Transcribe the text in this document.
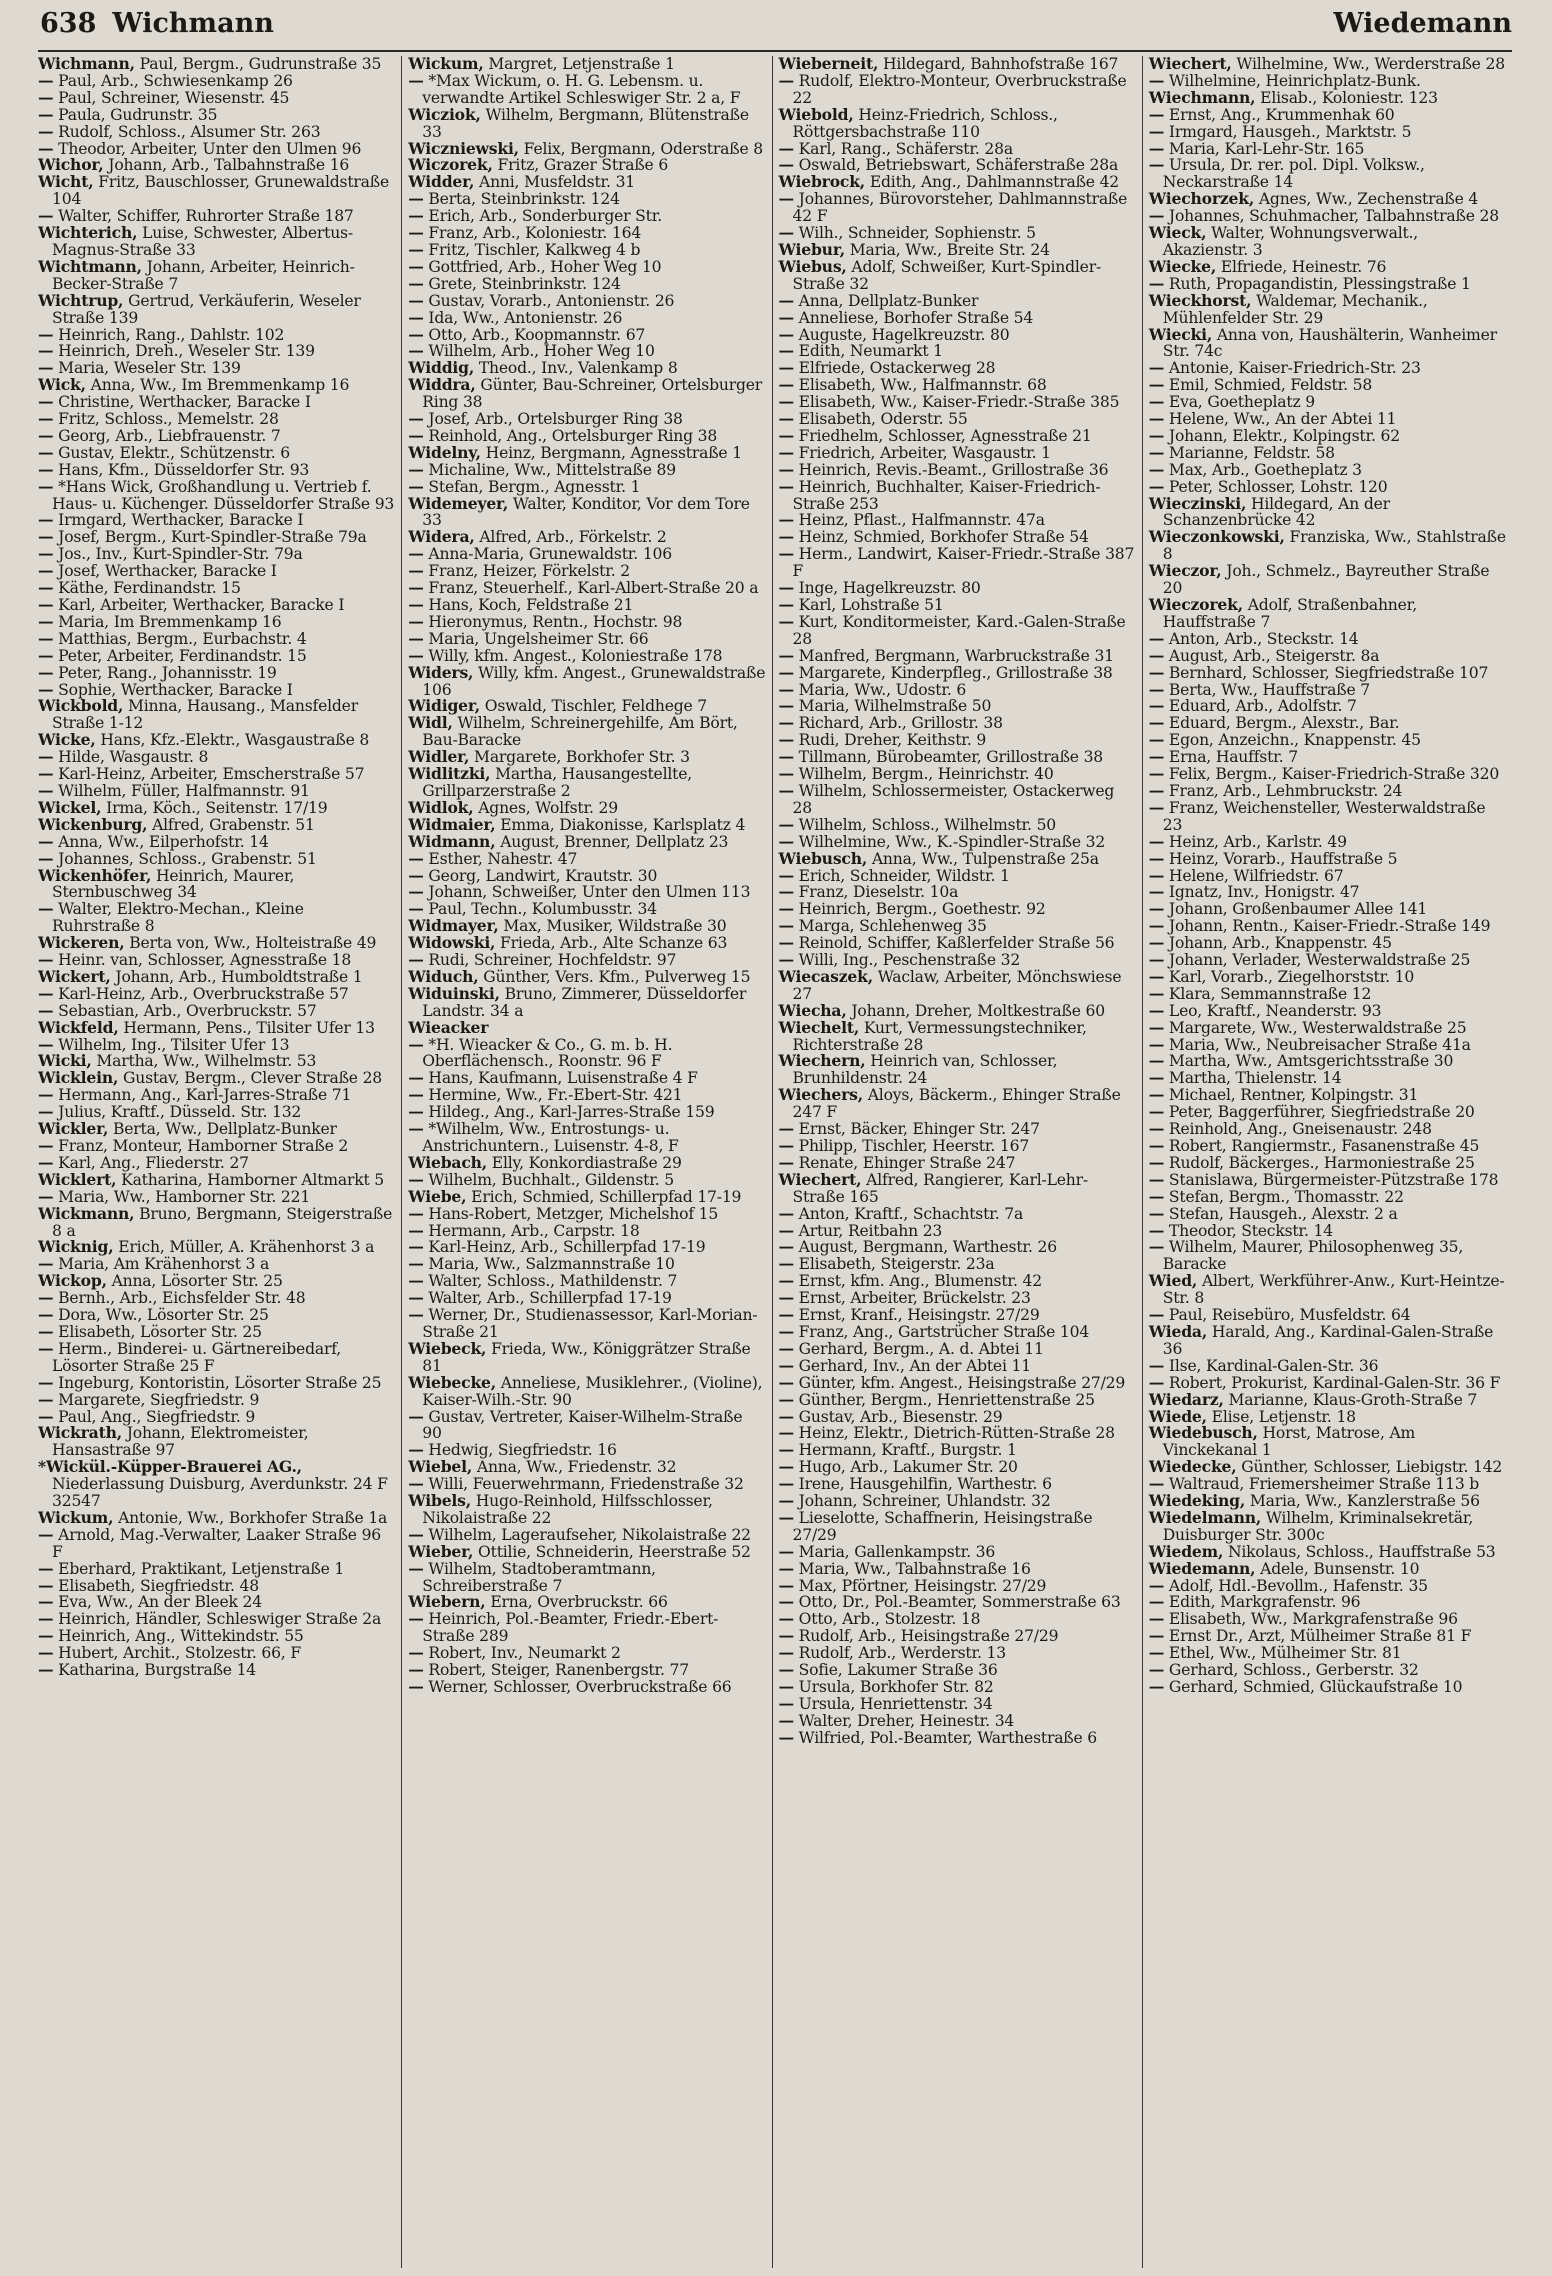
638 Wichmann	Wiedemann
Wichmann, Paul, Bergm., Gudrunstraße 35
— Paul, Arb., Schwiesenkamp 26
— Paul, Schreiner, Wiesenstr. 45
— Paula, Gudrunstr. 35
— Rudolf, Schloss., Alsumer Str. 263
— Theodor, Arbeiter, Unter den Ulmen 96
Wichor, Johann, Arb., Talbahnstraße 16
Wicht, Fritz, Bauschlosser, Grunewaldstraße 104
— Walter, Schiffer, Ruhrorter Straße 187
Wichterich, Luise, Schwester, Albertus-Magnus-Straße 33
Wichtmann, Johann, Arbeiter, Heinrich-Becker-Straße 7
Wichtrup, Gertrud, Verkäuferin, Weseler Straße 139
— Heinrich, Rang., Dahlstr. 102
— Heinrich, Dreh., Weseler Str. 139
— Maria, Weseler Str. 139
Wick, Anna, Ww., Im Bremmenkamp 16
— Christine, Werthacker, Baracke I
— Fritz, Schloss., Memelstr. 28
— Georg, Arb., Liebfrauenstr. 7
— Gustav, Elektr., Schützenstr. 6
— Hans, Kfm., Düsseldorfer Str. 93
— *Hans Wick, Großhandlung u. Vertrieb f. Haus- u. Küchenger. Düsseldorfer Straße 93
— Irmgard, Werthacker, Baracke I
— Josef, Bergm., Kurt-Spindler-Straße 79a
— Jos., Inv., Kurt-Spindler-Str. 79a
— Josef, Werthacker, Baracke I
— Käthe, Ferdinandstr. 15
— Karl, Arbeiter, Werthacker, Baracke I
— Maria, Im Bremmenkamp 16
— Matthias, Bergm., Eurbachstr. 4
— Peter, Arbeiter, Ferdinandstr. 15
— Peter, Rang., Johannisstr. 19
— Sophie, Werthacker, Baracke I
Wickbold, Minna, Hausang., Mansfelder Straße 1-12
Wicke, Hans, Kfz.-Elektr., Wasgaustraße 8
— Hilde, Wasgaustr. 8
— Karl-Heinz, Arbeiter, Emscherstraße 57
— Wilhelm, Füller, Halfmannstr. 91
Wickel, Irma, Köch., Seitenstr. 17/19
Wickenburg, Alfred, Grabenstr. 51
— Anna, Ww., Eilperhofstr. 14
— Johannes, Schloss., Grabenstr. 51
Wickenhöfer, Heinrich, Maurer, Sternbuschweg 34
— Walter, Elektro-Mechan., Kleine Ruhrstraße 8
Wickeren, Berta von, Ww., Holteistraße 49
— Heinr. van, Schlosser, Agnesstraße 18
Wickert, Johann, Arb., Humboldtstraße 1
— Karl-Heinz, Arb., Overbruckstraße 57
— Sebastian, Arb., Overbruckstr. 57
Wickfeld, Hermann, Pens., Tilsiter Ufer 13
— Wilhelm, Ing., Tilsiter Ufer 13
Wicki, Martha, Ww., Wilhelmstr. 53
Wicklein, Gustav, Bergm., Clever Straße 28
— Hermann, Ang., Karl-Jarres-Straße 71
— Julius, Kraftf., Düsseld. Str. 132
Wickler, Berta, Ww., Dellplatz-Bunker
— Franz, Monteur, Hamborner Straße 2
— Karl, Ang., Fliederstr. 27
Wicklert, Katharina, Hamborner Altmarkt 5
— Maria, Ww., Hamborner Str. 221
Wickmann, Bruno, Bergmann, Steigerstraße 8 a
Wicknig, Erich, Müller, A. Krähenhorst 3 a
— Maria, Am Krähenhorst 3 a
Wickop, Anna, Lösorter Str. 25
— Bernh., Arb., Eichsfelder Str. 48
— Dora, Ww., Lösorter Str. 25
— Elisabeth, Lösorter Str. 25
— Herm., Binderei- u. Gärtnereibedarf, Lösorter Straße 25 F
— Ingeburg, Kontoristin, Lösorter Straße 25
— Margarete, Siegfriedstr. 9
— Paul, Ang., Siegfriedstr. 9
Wickrath, Johann, Elektromeister, Hansastraße 97
*Wickül.-Küpper-Brauerei AG., Niederlassung Duisburg, Averdunkstr. 24 F 32547
Wickum, Antonie, Ww., Borkhofer Straße 1a
— Arnold, Mag.-Verwalter, Laaker Straße 96 F
— Eberhard, Praktikant, Letjenstraße 1
— Elisabeth, Siegfriedstr. 48
— Eva, Ww., An der Bleek 24
— Heinrich, Händler, Schleswiger Straße 2a
— Heinrich, Ang., Wittekindstr. 55
— Hubert, Archit., Stolzestr. 66, F
— Katharina, Burgstraße 14
Wickum, Margret, Letjenstraße 1
— *Max Wickum, o. H. G. Lebensm. u. verwandte Artikel Schleswiger Str. 2 a, F
Wicziok, Wilhelm, Bergmann, Blütenstraße 33
Wiczniewski, Felix, Bergmann, Oderstraße 8
Wiczorek, Fritz, Grazer Straße 6
Widder, Anni, Musfeldstr. 31
— Berta, Steinbrinkstr. 124
— Erich, Arb., Sonderburger Str.
— Franz, Arb., Koloniestr. 164
— Fritz, Tischler, Kalkweg 4 b
— Gottfried, Arb., Hoher Weg 10
— Grete, Steinbrinkstr. 124
— Gustav, Vorarb., Antonienstr. 26
— Ida, Ww., Antonienstr. 26
— Otto, Arb., Koopmannstr. 67
— Wilhelm, Arb., Hoher Weg 10
Widdig, Theod., Inv., Valenkamp 8
Widdra, Günter, Bau-Schreiner, Ortelsburger Ring 38
— Josef, Arb., Ortelsburger Ring 38
— Reinhold, Ang., Ortelsburger Ring 38
Widelny, Heinz, Bergmann, Agnesstraße 1
— Michaline, Ww., Mittelstraße 89
— Stefan, Bergm., Agnesstr. 1
Widemeyer, Walter, Konditor, Vor dem Tore 33
Widera, Alfred, Arb., Förkelstr. 2
— Anna-Maria, Grunewaldstr. 106
— Franz, Heizer, Förkelstr. 2
— Franz, Steuerhelf., Karl-Albert-Straße 20 a
— Hans, Koch, Feldstraße 21
— Hieronymus, Rentn., Hochstr. 98
— Maria, Ungelsheimer Str. 66
— Willy, kfm. Angest., Koloniestraße 178
Widers, Willy, kfm. Angest., Grunewaldstraße 106
Widiger, Oswald, Tischler, Feldhege 7
Widl, Wilhelm, Schreinergehilfe, Am Bört, Bau-Baracke
Widler, Margarete, Borkhofer Str. 3
Widlitzki, Martha, Hausangestellte, Grillparzerstraße 2
Widlok, Agnes, Wolfstr. 29
Widmaier, Emma, Diakonisse, Karlsplatz 4
Widmann, August, Brenner, Dellplatz 23
— Esther, Nahestr. 47
— Georg, Landwirt, Krautstr. 30
— Johann, Schweißer, Unter den Ulmen 113
— Paul, Techn., Kolumbusstr. 34
Widmayer, Max, Musiker, Wildstraße 30
Widowski, Frieda, Arb., Alte Schanze 63
— Rudi, Schreiner, Hochfeldstr. 97
Widuch, Günther, Vers. Kfm., Pulverweg 15
Widuinski, Bruno, Zimmerer, Düsseldorfer Landstr. 34 a
Wieacker
— *H. Wieacker & Co., G. m. b. H. Oberflächensch., Roonstr. 96 F
— Hans, Kaufmann, Luisenstraße 4 F
— Hermine, Ww., Fr.-Ebert-Str. 421
— Hildeg., Ang., Karl-Jarres-Straße 159
— *Wilhelm, Ww., Entrostungs- u. Anstrichuntern., Luisenstr. 4-8, F
Wiebach, Elly, Konkordiastraße 29
— Wilhelm, Buchhalt., Gildenstr. 5
Wiebe, Erich, Schmied, Schillerpfad 17-19
— Hans-Robert, Metzger, Michelshof 15
— Hermann, Arb., Carpstr. 18
— Karl-Heinz, Arb., Schillerpfad 17-19
— Maria, Ww., Salzmannstraße 10
— Walter, Schloss., Mathildenstr. 7
— Walter, Arb., Schillerpfad 17-19
— Werner, Dr., Studienassessor, Karl-Morian-Straße 21
Wiebeck, Frieda, Ww., Königgrätzer Straße 81
Wiebecke, Anneliese, Musiklehrer., (Violine), Kaiser-Wilh.-Str. 90
— Gustav, Vertreter, Kaiser-Wilhelm-Straße 90
— Hedwig, Siegfriedstr. 16
Wiebel, Anna, Ww., Friedenstr. 32
— Willi, Feuerwehrmann, Friedenstraße 32
Wibels, Hugo-Reinhold, Hilfsschlosser, Nikolaistraße 22
— Wilhelm, Lageraufseher, Nikolaistraße 22
Wieber, Ottilie, Schneiderin, Heerstraße 52
— Wilhelm, Stadtoberamtmann, Schreiberstraße 7
Wiebern, Erna, Overbruckstr. 66
— Heinrich, Pol.-Beamter, Friedr.-Ebert-Straße 289
— Robert, Inv., Neumarkt 2
— Robert, Steiger, Ranenbergstr. 77
— Werner, Schlosser, Overbruckstraße 66
Wieberneit, Hildegard, Bahnhofstraße 167
— Rudolf, Elektro-Monteur, Overbruckstraße 22
Wiebold, Heinz-Friedrich, Schloss., Röttgersbachstraße 110
— Karl, Rang., Schäferstr. 28a
— Oswald, Betriebswart, Schäferstraße 28a
Wiebrock, Edith, Ang., Dahlmannstraße 42
— Johannes, Bürovorsteher, Dahlmannstraße 42 F
— Wilh., Schneider, Sophienstr. 5
Wiebur, Maria, Ww., Breite Str. 24
Wiebus, Adolf, Schweißer, Kurt-Spindler-Straße 32
— Anna, Dellplatz-Bunker
— Anneliese, Borhofer Straße 54
— Auguste, Hagelkreuzstr. 80
— Edith, Neumarkt 1
— Elfriede, Ostackerweg 28
— Elisabeth, Ww., Halfmannstr. 68
— Elisabeth, Ww., Kaiser-Friedr.-Straße 385
— Elisabeth, Oderstr. 55
— Friedhelm, Schlosser, Agnesstraße 21
— Friedrich, Arbeiter, Wasgaustr. 1
— Heinrich, Revis.-Beamt., Grillostraße 36
— Heinrich, Buchhalter, Kaiser-Friedrich-Straße 253
— Heinz, Pflast., Halfmannstr. 47a
— Heinz, Schmied, Borkhofer Straße 54
— Herm., Landwirt, Kaiser-Friedr.-Straße 387 F
— Inge, Hagelkreuzstr. 80
— Karl, Lohstraße 51
— Kurt, Konditormeister, Kard.-Galen-Straße 28
— Manfred, Bergmann, Warbruckstraße 31
— Margarete, Kinderpfleg., Grillostraße 38
— Maria, Ww., Udostr. 6
— Maria, Wilhelmstraße 50
— Richard, Arb., Grillostr. 38
— Rudi, Dreher, Keithstr. 9
— Tillmann, Bürobeamter, Grillostraße 38
— Wilhelm, Bergm., Heinrichstr. 40
— Wilhelm, Schlossermeister, Ostackerweg 28
— Wilhelm, Schloss., Wilhelmstr. 50
— Wilhelmine, Ww., K.-Spindler-Straße 32
Wiebusch, Anna, Ww., Tulpenstraße 25a
— Erich, Schneider, Wildstr. 1
— Franz, Dieselstr. 10a
— Heinrich, Bergm., Goethestr. 92
— Marga, Schlehenweg 35
— Reinold, Schiffer, Kaßlerfelder Straße 56
— Willi, Ing., Peschenstraße 32
Wiecaszek, Waclaw, Arbeiter, Mönchswiese 27
Wiecha, Johann, Dreher, Moltkestraße 60
Wiechelt, Kurt, Vermessungstechniker, Richterstraße 28
Wiechern, Heinrich van, Schlosser, Brunhildenstr. 24
Wiechers, Aloys, Bäckerm., Ehinger Straße 247 F
— Ernst, Bäcker, Ehinger Str. 247
— Philipp, Tischler, Heerstr. 167
— Renate, Ehinger Straße 247
Wiechert, Alfred, Rangierer, Karl-Lehr-Straße 165
— Anton, Kraftf., Schachtstr. 7a
— Artur, Reitbahn 23
— August, Bergmann, Warthestr. 26
— Elisabeth, Steigerstr. 23a
— Ernst, kfm. Ang., Blumenstr. 42
— Ernst, Arbeiter, Brückelstr. 23
— Ernst, Kranf., Heisingstr. 27/29
— Franz, Ang., Gartstrücher Straße 104
— Gerhard, Bergm., A. d. Abtei 11
— Gerhard, Inv., An der Abtei 11
— Günter, kfm. Angest., Heisingstraße 27/29
— Günther, Bergm., Henriettenstraße 25
— Gustav, Arb., Biesenstr. 29
— Heinz, Elektr., Dietrich-Rütten-Straße 28
— Hermann, Kraftf., Burgstr. 1
— Hugo, Arb., Lakumer Str. 20
— Irene, Hausgehilfin, Warthestr. 6
— Johann, Schreiner, Uhlandstr. 32
— Lieselotte, Schaffnerin, Heisingstraße 27/29
— Maria, Gallenkampstr. 36
— Maria, Ww., Talbahnstraße 16
— Max, Pförtner, Heisingstr. 27/29
— Otto, Dr., Pol.-Beamter, Sommerstraße 63
— Otto, Arb., Stolzestr. 18
— Rudolf, Arb., Heisingstraße 27/29
— Rudolf, Arb., Werderstr. 13
— Sofie, Lakumer Straße 36
— Ursula, Borkhofer Str. 82
— Ursula, Henriettenstr. 34
— Walter, Dreher, Heinestr. 34
— Wilfried, Pol.-Beamter, Warthestraße 6
Wiechert, Wilhelmine, Ww., Werderstraße 28
— Wilhelmine, Heinrichplatz-Bunk.
Wiechmann, Elisab., Koloniestr. 123
— Ernst, Ang., Krummenhak 60
— Irmgard, Hausgeh., Marktstr. 5
— Maria, Karl-Lehr-Str. 165
— Ursula, Dr. rer. pol. Dipl. Volksw., Neckarstraße 14
Wiechorzek, Agnes, Ww., Zechenstraße 4
— Johannes, Schuhmacher, Talbahnstraße 28
Wieck, Walter, Wohnungsverwalt., Akazienstr. 3
Wiecke, Elfriede, Heinestr. 76
— Ruth, Propagandistin, Plessingstraße 1
Wieckhorst, Waldemar, Mechanik., Mühlenfelder Str. 29
Wiecki, Anna von, Haushälterin, Wanheimer Str. 74c
— Antonie, Kaiser-Friedrich-Str. 23
— Emil, Schmied, Feldstr. 58
— Eva, Goetheplatz 9
— Helene, Ww., An der Abtei 11
— Johann, Elektr., Kolpingstr. 62
— Marianne, Feldstr. 58
— Max, Arb., Goetheplatz 3
— Peter, Schlosser, Lohstr. 120
Wieczinski, Hildegard, An der Schanzenbrücke 42
Wieczonkowski, Franziska, Ww., Stahlstraße 8
Wieczor, Joh., Schmelz., Bayreuther Straße 20
Wieczorek, Adolf, Straßenbahner, Hauffstraße 7
— Anton, Arb., Steckstr. 14
— August, Arb., Steigerstr. 8a
— Bernhard, Schlosser, Siegfriedstraße 107
— Berta, Ww., Hauffstraße 7
— Eduard, Arb., Adolfstr. 7
— Eduard, Bergm., Alexstr., Bar.
— Egon, Anzeichn., Knappenstr. 45
— Erna, Hauffstr. 7
— Felix, Bergm., Kaiser-Friedrich-Straße 320
— Franz, Arb., Lehmbruckstr. 24
— Franz, Weichensteller, Westerwaldstraße 23
— Heinz, Arb., Karlstr. 49
— Heinz, Vorarb., Hauffstraße 5
— Helene, Wilfriedstr. 67
— Ignatz, Inv., Honigstr. 47
— Johann, Großenbaumer Allee 141
— Johann, Rentn., Kaiser-Friedr.-Straße 149
— Johann, Arb., Knappenstr. 45
— Johann, Verlader, Westerwaldstraße 25
— Karl, Vorarb., Ziegelhorststr. 10
— Klara, Semmannstraße 12
— Leo, Kraftf., Neanderstr. 93
— Margarete, Ww., Westerwaldstraße 25
— Maria, Ww., Neubreisacher Straße 41a
— Martha, Ww., Amtsgerichtsstraße 30
— Martha, Thielenstr. 14
— Michael, Rentner, Kolpingstr. 31
— Peter, Baggerführer, Siegfriedstraße 20
— Reinhold, Ang., Gneisenaustr. 248
— Robert, Rangiermstr., Fasanenstraße 45
— Rudolf, Bäckerges., Harmoniestraße 25
— Stanislawa, Bürgermeister-Pützstraße 178
— Stefan, Bergm., Thomasstr. 22
— Stefan, Hausgeh., Alexstr. 2 a
— Theodor, Steckstr. 14
— Wilhelm, Maurer, Philosophenweg 35, Baracke
Wied, Albert, Werkführer-Anw., Kurt-Heintze-Str. 8
— Paul, Reisebüro, Musfeldstr. 64
Wieda, Harald, Ang., Kardinal-Galen-Straße 36
— Ilse, Kardinal-Galen-Str. 36
— Robert, Prokurist, Kardinal-Galen-Str. 36 F
Wiedarz, Marianne, Klaus-Groth-Straße 7
Wiede, Elise, Letjenstr. 18
Wiedebusch, Horst, Matrose, Am Vinckekanal 1
Wiedecke, Günther, Schlosser, Liebigstr. 142
— Waltraud, Friemersheimer Straße 113 b
Wiedeking, Maria, Ww., Kanzlerstraße 56
Wiedelmann, Wilhelm, Kriminalsekretär, Duisburger Str. 300c
Wiedem, Nikolaus, Schloss., Hauffstraße 53
Wiedemann, Adele, Bunsenstr. 10
— Adolf, Hdl.-Bevollm., Hafenstr. 35
— Edith, Markgrafenstr. 96
— Elisabeth, Ww., Markgrafenstraße 96
— Ernst Dr., Arzt, Mülheimer Straße 81 F
— Ethel, Ww., Mülheimer Str. 81
— Gerhard, Schloss., Gerberstr. 32
— Gerhard, Schmied, Glückaufstraße 10
